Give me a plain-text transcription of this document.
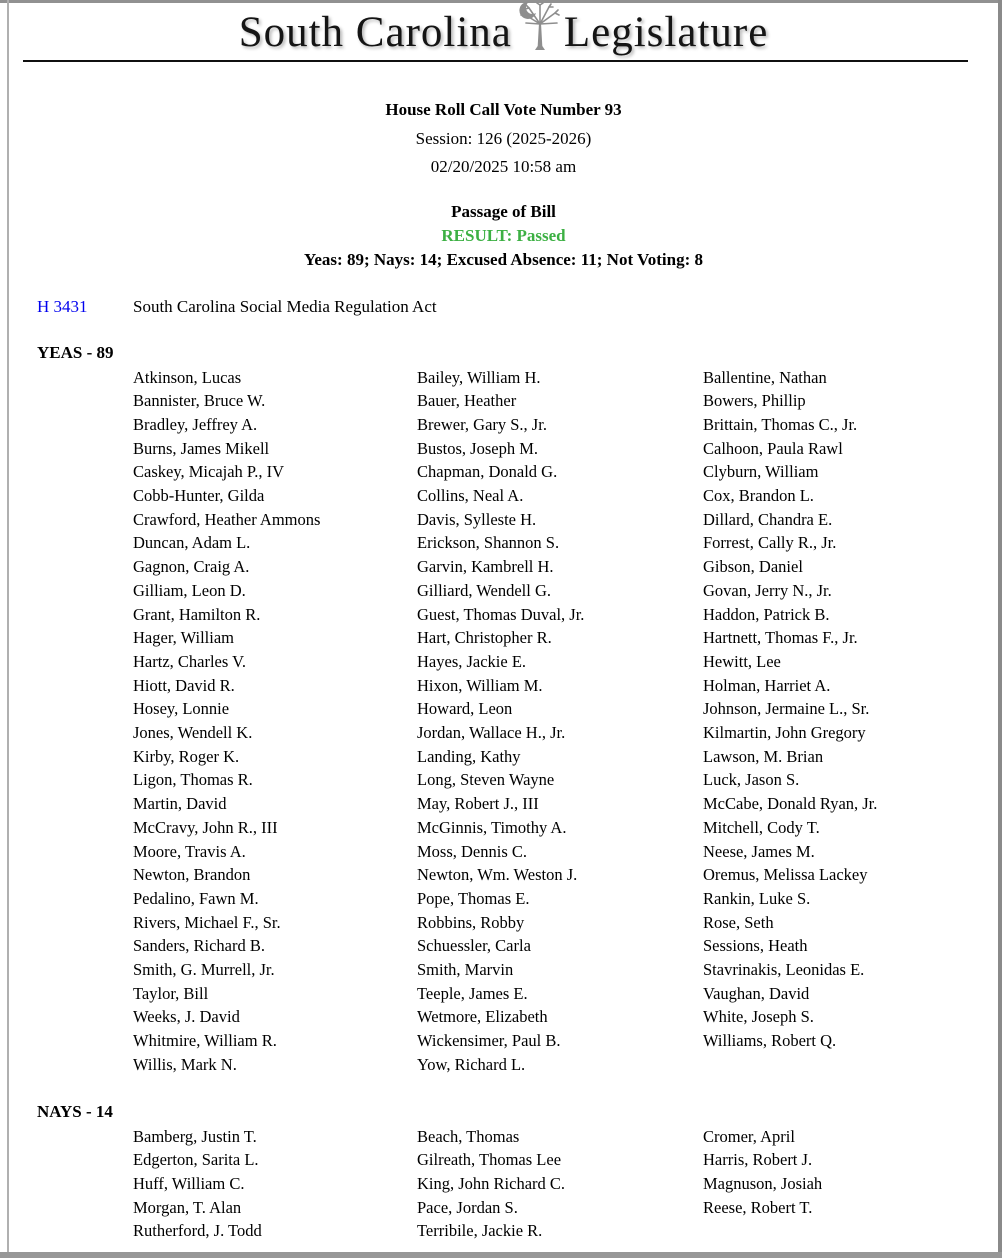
South Carolina Legislature
House Roll Call Vote Number 93
Session: 126 (2025-2026)
02/20/2025 10:58 am
Passage of Bill
RESULT: Passed
Yeas: 89; Nays: 14; Excused Absence: 11; Not Voting: 8
H 3431	South Carolina Social Media Regulation Act
YEAS - 89
Atkinson, Lucas	Bailey, William H.	Ballentine, Nathan
Bannister, Bruce W.	Bauer, Heather	Bowers, Phillip
Bradley, Jeffrey A.	Brewer, Gary S., Jr.	Brittain, Thomas C., Jr.
Burns, James Mikell	Bustos, Joseph M.	Calhoon, Paula Rawl
Caskey, Micajah P., IV	Chapman, Donald G.	Clyburn, William
Cobb-Hunter, Gilda	Collins, Neal A.	Cox, Brandon L.
Crawford, Heather Ammons	Davis, Sylleste H.	Dillard, Chandra E.
Duncan, Adam L.	Erickson, Shannon S.	Forrest, Cally R., Jr.
Gagnon, Craig A.	Garvin, Kambrell H.	Gibson, Daniel
Gilliam, Leon D.	Gilliard, Wendell G.	Govan, Jerry N., Jr.
Grant, Hamilton R.	Guest, Thomas Duval, Jr.	Haddon, Patrick B.
Hager, William	Hart, Christopher R.	Hartnett, Thomas F., Jr.
Hartz, Charles V.	Hayes, Jackie E.	Hewitt, Lee
Hiott, David R.	Hixon, William M.	Holman, Harriet A.
Hosey, Lonnie	Howard, Leon	Johnson, Jermaine L., Sr.
Jones, Wendell K.	Jordan, Wallace H., Jr.	Kilmartin, John Gregory
Kirby, Roger K.	Landing, Kathy	Lawson, M. Brian
Ligon, Thomas R.	Long, Steven Wayne	Luck, Jason S.
Martin, David	May, Robert J., III	McCabe, Donald Ryan, Jr.
McCravy, John R., III	McGinnis, Timothy A.	Mitchell, Cody T.
Moore, Travis A.	Moss, Dennis C.	Neese, James M.
Newton, Brandon	Newton, Wm. Weston J.	Oremus, Melissa Lackey
Pedalino, Fawn M.	Pope, Thomas E.	Rankin, Luke S.
Rivers, Michael F., Sr.	Robbins, Robby	Rose, Seth
Sanders, Richard B.	Schuessler, Carla	Sessions, Heath
Smith, G. Murrell, Jr.	Smith, Marvin	Stavrinakis, Leonidas E.
Taylor, Bill	Teeple, James E.	Vaughan, David
Weeks, J. David	Wetmore, Elizabeth	White, Joseph S.
Whitmire, William R.	Wickensimer, Paul B.	Williams, Robert Q.
Willis, Mark N.	Yow, Richard L.
NAYS - 14
Bamberg, Justin T.	Beach, Thomas	Cromer, April
Edgerton, Sarita L.	Gilreath, Thomas Lee	Harris, Robert J.
Huff, William C.	King, John Richard C.	Magnuson, Josiah
Morgan, T. Alan	Pace, Jordan S.	Reese, Robert T.
Rutherford, J. Todd	Terribile, Jackie R.
